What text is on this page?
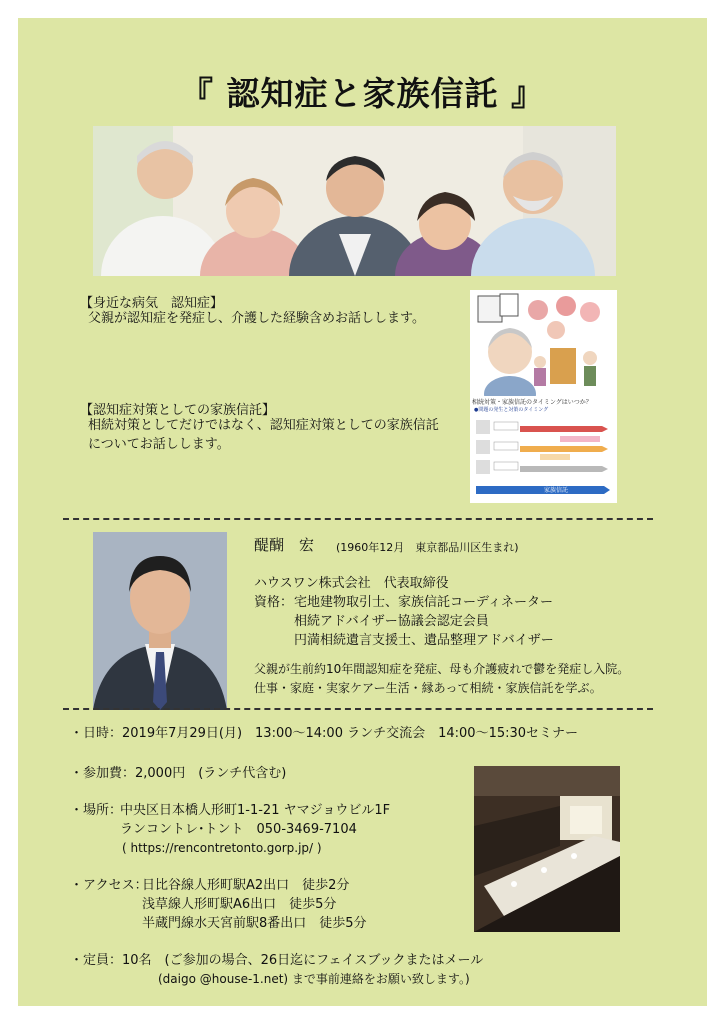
『 認知症と家族信託 』
【身近な病気　認知症】
父親が認知症を発症し、介護した経験含めお話しします。
【認知症対策としての家族信託】
相続対策としてだけではなく、認知症対策としての家族信託
についてお話しします。
相続対策・家族信託のタイミングはいつか？
●問題の発生と対策のタイミング
家族信託
醍醐　宏 (1960年12月　東京都品川区生まれ)
ハウスワン株式会社　代表取締役
資格： 宅地建物取引士、家族信託コーディネーター
相続アドバイザー協議会認定会員
円満相続遺言支援士、遺品整理アドバイザー
父親が生前約10年間認知症を発症、母も介護疲れで鬱を発症し入院。
仕事・家庭・実家ケアー生活・縁あって相続・家族信託を学ぶ。
・日時：2019年7月29日(月)　13:00～14:00 ランチ交流会　14:00～15:30セミナー
・参加費：2,000円　(ランチ代含む)
・場所：
中央区日本橋人形町1-1-21 ヤマジョウビル1F
ランコントレ･トント　050-3469-7104
( https://rencontretonto.gorp.jp/ )
・アクセス：
日比谷線人形町駅A2出口　徒歩2分
浅草線人形町駅A6出口　徒歩5分
半蔵門線水天宮前駅8番出口　徒歩5分
・定員：10名　(ご参加の場合、26日迄にフェイスブックまたはメール
(daigo @house-1.net) まで事前連絡をお願い致します。)
